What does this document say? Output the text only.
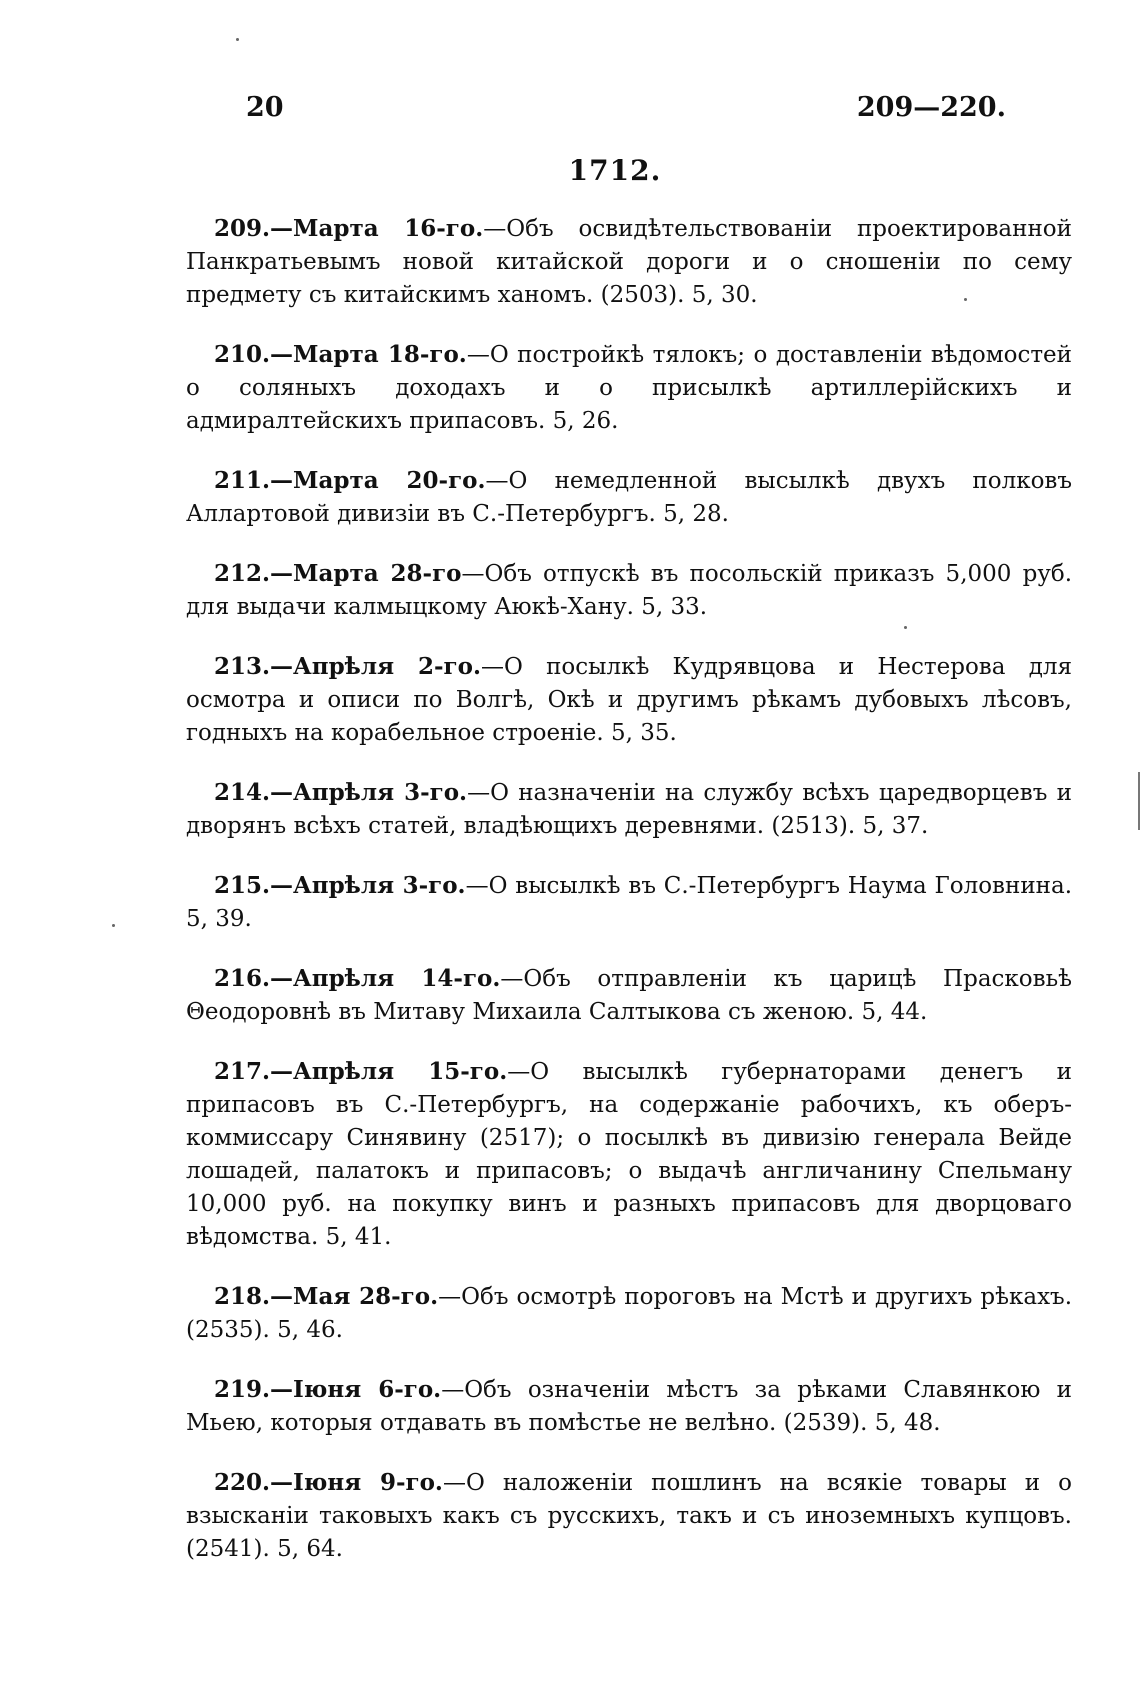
20	209—220.
1712.

209.—Марта 16-го.—Объ освидѣтельствованiи проектированной Панкратьевымъ новой китайской дороги и о сношенiи по сему предмету съ китайскимъ ханомъ. (2503). 5, 30.

210.—Марта 18-го.—О постройкѣ тялокъ; о доставленiи вѣдомостей о соляныхъ доходахъ и о присылкѣ артиллерiйскихъ и адмиралтейскихъ припасовъ. 5, 26.

211.—Марта 20-го.—О немедленной высылкѣ двухъ полковъ Аллартовой дивизiи въ С.-Петербургъ. 5, 28.

212.—Марта 28-го—Объ отпускѣ въ посольскiй приказъ 5,000 руб. для выдачи калмыцкому Аюкѣ-Хану. 5, 33.

213.—Апрѣля 2-го.—О посылкѣ Кудрявцова и Нестерова для осмотра и описи по Волгѣ, Окѣ и другимъ рѣкамъ дубовыхъ лѣсовъ, годныхъ на корабельное строенiе. 5, 35.

214.—Апрѣля 3-го.—О назначенiи на службу всѣхъ царедворцевъ и дворянъ всѣхъ статей, владѣющихъ деревнями. (2513). 5, 37.

215.—Апрѣля 3-го.—О высылкѣ въ С.-Петербургъ Наума Головнина. 5, 39.

216.—Апрѣля 14-го.—Объ отправленiи къ царицѣ Прасковьѣ Θеодоровнѣ въ Митаву Михаила Салтыкова съ женою. 5, 44.

217.—Апрѣля 15-го.—О высылкѣ губернаторами денегъ и припасовъ въ С.-Петербургъ, на содержанiе рабочихъ, къ оберъ-коммиссару Синявину (2517); о посылкѣ въ дивизiю генерала Вейде лошадей, палатокъ и припасовъ; о выдачѣ англичанину Спельману 10,000 руб. на покупку винъ и разныхъ припасовъ для дворцоваго вѣдомства. 5, 41.

218.—Мая 28-го.—Объ осмотрѣ пороговъ на Мстѣ и другихъ рѣкахъ. (2535). 5, 46.

219.—Iюня 6-го.—Объ означенiи мѣстъ за рѣками Славянкою и Мьею, которыя отдавать въ помѣстье не велѣно. (2539). 5, 48.

220.—Iюня 9-го.—О наложенiи пошлинъ на всякiе товары и о взысканiи таковыхъ какъ съ русскихъ, такъ и съ иноземныхъ купцовъ. (2541). 5, 64.
